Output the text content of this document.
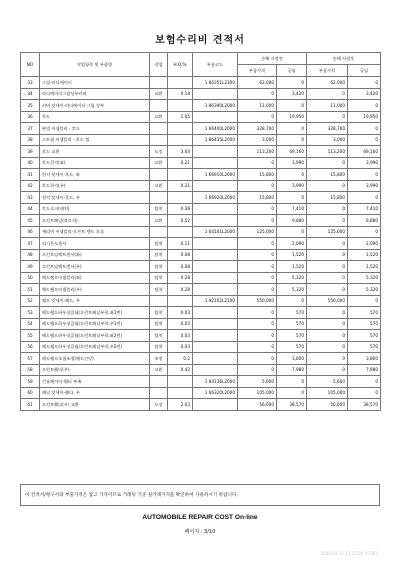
보험수리비 견적서
NO	작업항목 및 부품명	작업	H.Q.%	부품코드	손해 사정전		손해 사정후	
					부품가격	공임	부품가격	공임
33	그릴-라디에이터			1 86351L2300	62,000	0	62,000	0
34	라디에이터그릴상부커버	교환	0.18		0	3,420	0	3,420
35	커버 앗세이-라디에이터 그릴 상부			1 86390L2000	11,000	0	11,000	0
36	후드	교환	1.05		0	19,950	0	19,950
37	판넬 어셈블리 - 후드			1 66400L2000	328,700	0	328,700	0
38	스트립 어셈블리 - 후드 씰			1 86435L2000	3,000	0	3,000	0
39	후드 교환	도장	3.64		113,200	69,160	113,200	69,160
40	후드힌지(좌)	교환	0.21		0	3,990	0	3,990
41	힌지 앗세이-후드, 좌			1 66910L2000	15,800	0	15,800	0
42	후드힌지(우)	교환	0.21		0	3,990	0	3,990
43	힌지 앗세이-후드, 우			1 66920L2000	15,800	0	15,800	0
44	후드로크(래치)	탈착	0.39		0	7,410	0	7,410
45	프런트패널(볼트식)	교환	0.52		0	9,880	0	9,880
46	캐리어 어셈블리-프론트 엔드 모듈			1 64101L2000	125,000	0	125,000	0
47	외기온도센서	탈착	0.11		0	2,090	0	2,090
48	프런트임팩트센서(좌)	탈착	0.08		0	1,520	0	1,520
49	프런트임팩트센서(우)	탈착	0.08		0	1,520	0	1,520
50	헤드램프어셈블리(좌)	탈착	0.28		0	5,320	0	5,320
51	헤드램프어셈블리(우)	탈착	0.28		0	5,320	0	5,320
52	램프 앗세이-헤드, 우			1 92102L2100	550,000	0	550,000	0
53	헤드램프하우징클립(프런트패널부착,좌1번)	탈착	0.03		0	570	0	570
54	헤드램프하우징클립(프런트패널부착,우1번)	탈착	0.03		0	570	0	570
55	헤드램프하우징클립(프런트패널부착,좌2번)	탈착	0.03		0	570	0	570
56	헤드램프하우징클립(프런트패널부착,우2번)	탈착	0.03		0	570	0	570
57	헤드램프초점조정(헤드인당)	조정	0.2		0	3,800	0	3,800
58	프런트휀더(우)	교환	0.42		0	7,980	0	7,980
59	인슐레이터-휀더 부족			1 84136L2000	5,600	0	5,600	0
60	패널 앗세이-휀다, 우			1 66320L2000	105,000	0	105,000	0
61	프런트휀더(우) 교환	도장	2.03		56,600	38,570	56,600	38,570
이 견적서/청구서의 부품가격은 참고 가격이므로 거래팅 기준 실거래가격을 확인하여 사용하시기 바랍니다.
AUTOMOBILE REPAIR COST On-line
페이지 : 3/10
2024-01-15 17:15:30 #7183
